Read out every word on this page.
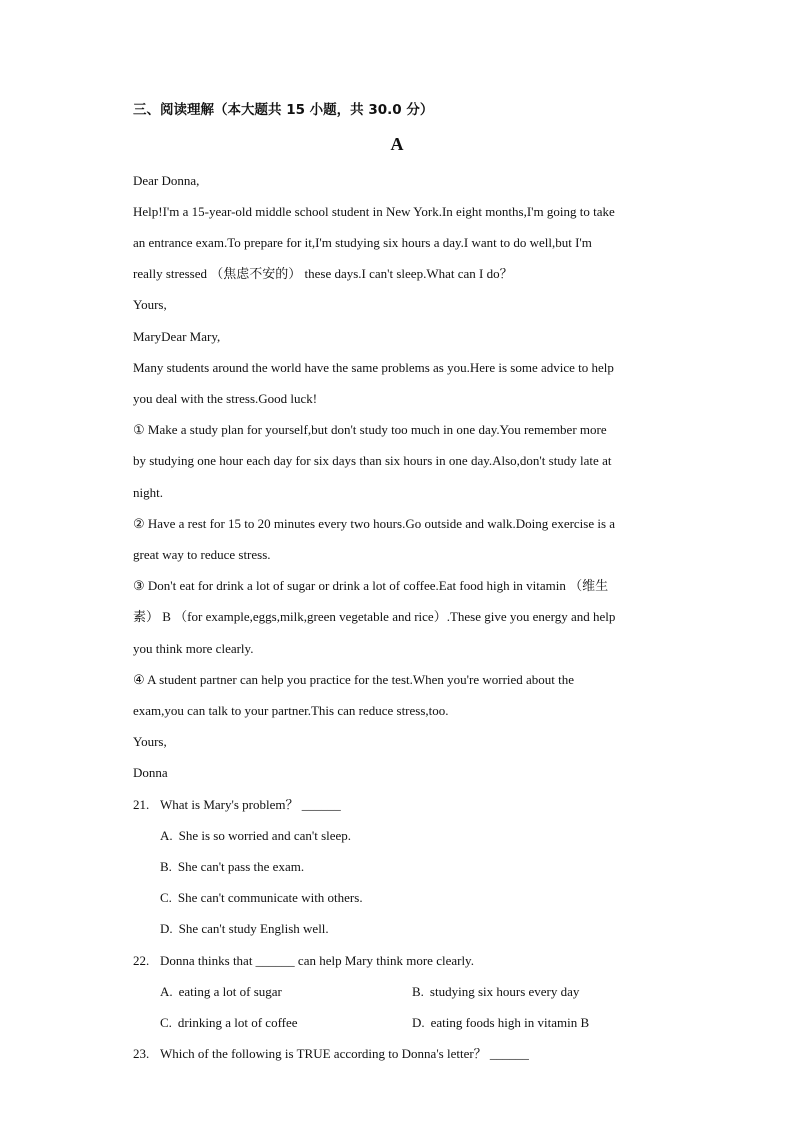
三、阅读理解（本大题共 15 小题，共 30.0 分）
A
Dear Donna,
Help!I'm a 15-year-old middle school student in New York.In eight months,I'm going to take
an entrance exam.To prepare for it,I'm studying six hours a day.I want to do well,but I'm
really stressed （焦虑不安的） these days.I can't sleep.What can I do？
Yours,
MaryDear Mary,
Many students around the world have the same problems as you.Here is some advice to help
you deal with the stress.Good luck!
① Make a study plan for yourself,but don't study too much in one day.You remember more
by studying one hour each day for six days than six hours in one day.Also,don't study late at
night.
② Have a rest for 15 to 20 minutes every two hours.Go outside and walk.Doing exercise is a
great way to reduce stress.
③ Don't eat for drink a lot of sugar or drink a lot of coffee.Eat food high in vitamin （维生
素） B （for example,eggs,milk,green vegetable and rice）.These give you energy and help
you think more clearly.
④ A student partner can help you practice for the test.When you're worried about the
exam,you can talk to your partner.This can reduce stress,too.
Yours,
Donna
21. What is Mary's problem？ ______
A. She is so worried and can't sleep.
B. She can't pass the exam.
C. She can't communicate with others.
D. She can't study English well.
22. Donna thinks that ______ can help Mary think more clearly.
A. eating a lot of sugar	B. studying six hours every day
C. drinking a lot of coffee	D. eating foods high in vitamin B
23. Which of the following is TRUE according to Donna's letter？ ______
